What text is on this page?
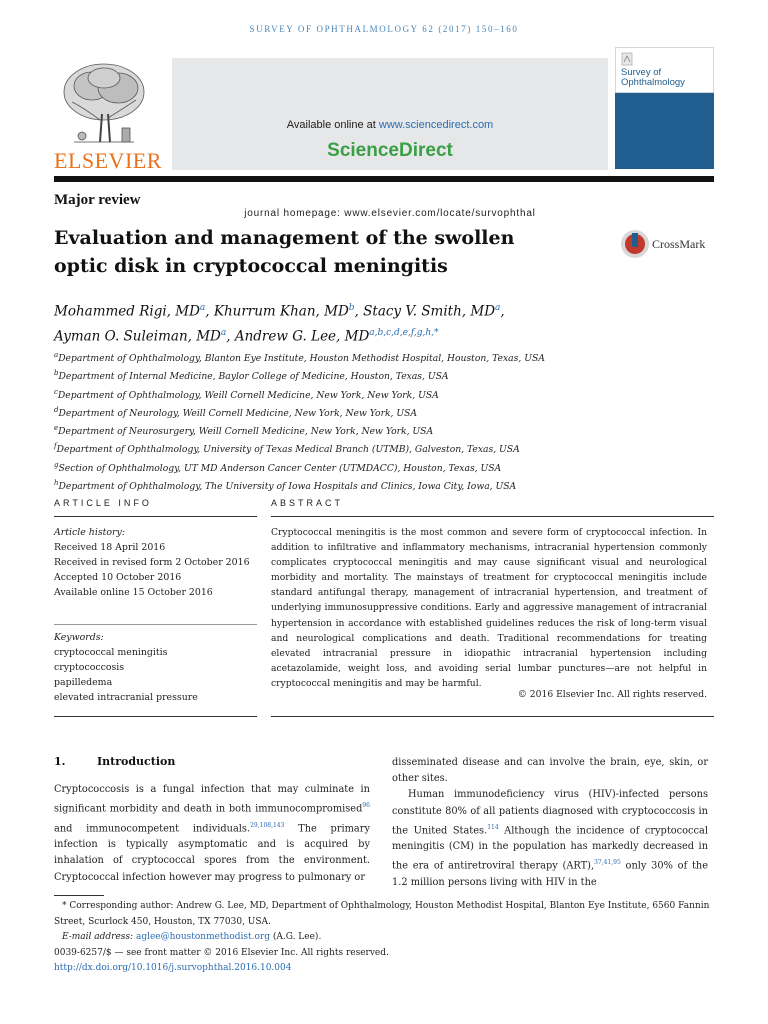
SURVEY OF OPHTHALMOLOGY 62 (2017) 150–160
ELSEVIER
Available online at www.sciencedirect.com
ScienceDirect
journal homepage: www.elsevier.com/locate/survophthal
Survey of
Ophthalmology
Major review
Evaluation and management of the swollen optic disk in cryptococcal meningitis
CrossMark
Mohammed Rigi, $MD^a$, Khurrum Khan, $MD^b$, Stacy V. Smith, $MD^a$,
Ayman O. Suleiman, $MD^a$, Andrew G. Lee, $MD^{a,b,c,d,e,f,g,h,*}$
$^a$Department of Ophthalmology, Blanton Eye Institute, Houston Methodist Hospital, Houston, Texas, USA
$^b$Department of Internal Medicine, Baylor College of Medicine, Houston, Texas, USA
$^c$Department of Ophthalmology, Weill Cornell Medicine, New York, New York, USA
$^d$Department of Neurology, Weill Cornell Medicine, New York, New York, USA
$^e$Department of Neurosurgery, Weill Cornell Medicine, New York, New York, USA
$^f$Department of Ophthalmology, University of Texas Medical Branch (UTMB), Galveston, Texas, USA
$^g$Section of Ophthalmology, UT MD Anderson Cancer Center (UTMDACC), Houston, Texas, USA
$^h$Department of Ophthalmology, The University of Iowa Hospitals and Clinics, Iowa City, Iowa, USA
ARTICLE INFO	ABSTRACT
Article history:
Received 18 April 2016
Received in revised form 2 October 2016
Accepted 10 October 2016
Available online 15 October 2016
Keywords:
cryptococcal meningitis
cryptococcosis
papilledema
elevated intracranial pressure
Cryptococcal meningitis is the most common and severe form of cryptococcal infection. In addition to infiltrative and inflammatory mechanisms, intracranial hypertension commonly complicates cryptococcal meningitis and may cause significant visual and neurological morbidity and mortality. The mainstays of treatment for cryptococcal meningitis include standard antifungal therapy, management of intracranial hypertension, and treatment of underlying immunosuppressive conditions. Early and aggressive management of intracranial hypertension in accordance with established guidelines reduces the risk of long-term visual and neurological complications and death. Traditional recommendations for treating elevated intracranial pressure in idiopathic intracranial hypertension including acetazolamide, weight loss, and avoiding serial lumbar punctures—are not helpful in cryptococcal meningitis and may be harmful.
© 2016 Elsevier Inc. All rights reserved.
1.	Introduction
Cryptococcosis is a fungal infection that may culminate in significant morbidity and death in both immunocompromised$^{96}$ and immunocompetent individuals.$^{29,108,143}$ The primary infection is typically asymptomatic and is acquired by inhalation of cryptococcal spores from the environment. Cryptococcal infection however may progress to pulmonary or
disseminated disease and can involve the brain, eye, skin, or other sites.
Human immunodeficiency virus (HIV)-infected persons constitute 80% of all patients diagnosed with cryptococcosis in the United States.$^{114}$ Although the incidence of cryptococcal meningitis (CM) in the population has markedly decreased in the era of antiretroviral therapy (ART),$^{37,41,95}$ only 30% of the 1.2 million persons living with HIV in the
* Corresponding author: Andrew G. Lee, MD, Department of Ophthalmology, Houston Methodist Hospital, Blanton Eye Institute, 6560 Fannin Street, Scurlock 450, Houston, TX 77030, USA.
E-mail address: aglee@houstonmethodist.org (A.G. Lee).
0039-6257/$ — see front matter © 2016 Elsevier Inc. All rights reserved.
http://dx.doi.org/10.1016/j.survophthal.2016.10.004
